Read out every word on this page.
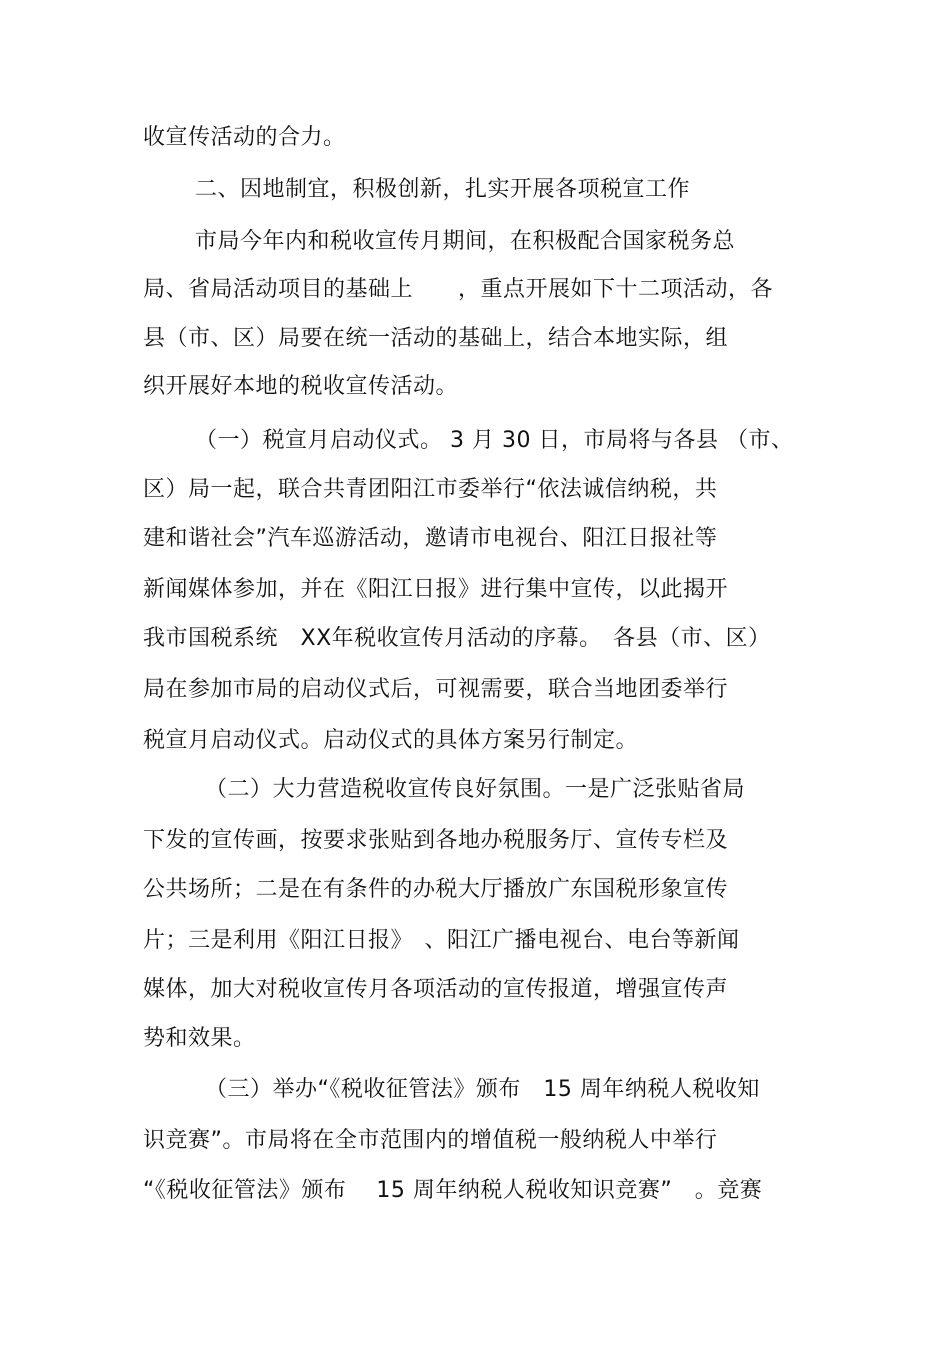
收宣传活动的合力。
二、因地制宜，积极创新，扎实开展各项税宣工作
市局今年内和税收宣传月期间，在积极配合国家税务总
局、省局活动项目的基础上　　，重点开展如下十二项活动，各
县（市、区）局要在统一活动的基础上，结合本地实际，组
织开展好本地的税收宣传活动。
（一）税宣月启动仪式。 3 月 30 日，市局将与各县 （市、
区）局一起，联合共青团阳江市委举行“依法诚信纳税，共
建和谐社会”汽车巡游活动，邀请市电视台、阳江日报社等
新闻媒体参加，并在《阳江日报》进行集中宣传，以此揭开
我市国税系统　XX年税收宣传月活动的序幕。　各县（市、区）
局在参加市局的启动仪式后，可视需要，联合当地团委举行
税宣月启动仪式。启动仪式的具体方案另行制定。
（二）大力营造税收宣传良好氛围。一是广泛张贴省局
下发的宣传画，按要求张贴到各地办税服务厅、宣传专栏及
公共场所；二是在有条件的办税大厅播放广东国税形象宣传
片；三是利用《阳江日报》　、阳江广播电视台、电台等新闻
媒体，加大对税收宣传月各项活动的宣传报道，增强宣传声
势和效果。
（三）举办“《税收征管法》颁布　15 周年纳税人税收知
识竞赛”。市局将在全市范围内的增值税一般纳税人中举行
“《税收征管法》颁布　 15 周年纳税人税收知识竞赛”　。竞赛
